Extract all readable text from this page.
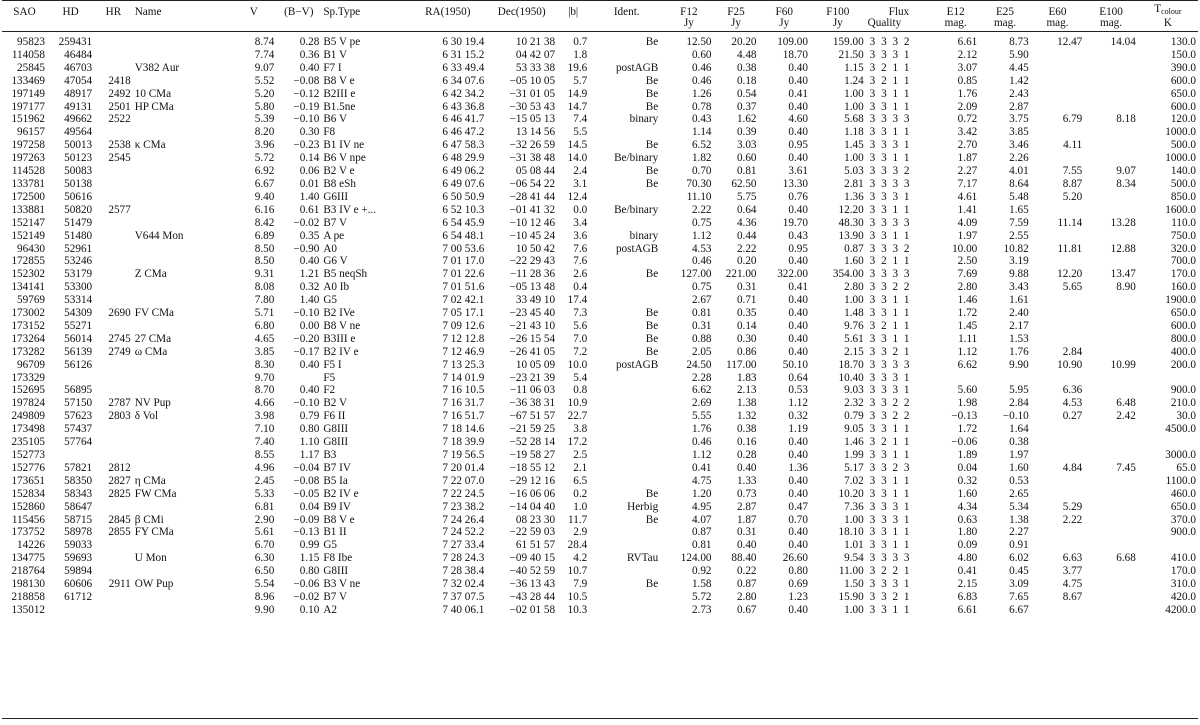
SAO	HD	HR	Name	V	(B−V)	Sp.Type	RA(1950)	Dec(1950)	|b|	Ident.	F12	F25	F60	F100	Flux	E12	E25	E60	E100	$T_{colour}$
											Jy	Jy	Jy	Jy	Quality	mag.	mag.	mag.	mag.	K
95823	259431			8.74	0.28	B5 V pe	6 30 19.4	10 21 38	0.7	Be	12.50	20.20	109.00	159.00	3 3 3 2	6.61	8.73	12.47	14.04	130.0
114058	46484			7.74	0.36	B1 V	6 31 15.2	04 42 07	1.8		0.60	4.48	18.70	21.50	3 3 3 1	2.12	5.90			150.0
25845	46703		V382 Aur	9.07	0.40	F7 I	6 33 49.4	53 33 38	19.6	postAGB	0.46	0.38	0.40	1.15	3 2 1 1	3.07	4.45			390.0
133469	47054	2418		5.52	−0.08	B8 V e	6 34 07.6	−05 10 05	5.7	Be	0.46	0.18	0.40	1.24	3 2 1 1	0.85	1.42			600.0
197149	48917	2492	10 CMa	5.20	−0.12	B2III e	6 42 34.2	−31 01 05	14.9	Be	1.26	0.54	0.41	1.00	3 3 1 1	1.76	2.43			650.0
197177	49131	2501	HP CMa	5.80	−0.19	B1.5ne	6 43 36.8	−30 53 43	14.7	Be	0.78	0.37	0.40	1.00	3 3 1 1	2.09	2.87			600.0
151962	49662	2522		5.39	−0.10	B6 V	6 46 41.7	−15 05 13	7.4	binary	0.43	1.62	4.60	5.68	3 3 3 3	0.72	3.75	6.79	8.18	120.0
96157	49564			8.20	0.30	F8	6 46 47.2	13 14 56	5.5		1.14	0.39	0.40	1.18	3 3 1 1	3.42	3.85			1000.0
197258	50013	2538	κ CMa	3.96	−0.23	B1 IV ne	6 47 58.3	−32 26 59	14.5	Be	6.52	3.03	0.95	1.45	3 3 3 1	2.70	3.46	4.11		500.0
197263	50123	2545		5.72	0.14	B6 V npe	6 48 29.9	−31 38 48	14.0	Be/binary	1.82	0.60	0.40	1.00	3 3 1 1	1.87	2.26			1000.0
114528	50083			6.92	0.06	B2 V e	6 49 06.2	05 08 44	2.4	Be	0.70	0.81	3.61	5.03	3 3 3 2	2.27	4.01	7.55	9.07	140.0
133781	50138			6.67	0.01	B8 eSh	6 49 07.6	−06 54 22	3.1	Be	70.30	62.50	13.30	2.81	3 3 3 3	7.17	8.64	8.87	8.34	500.0
172500	50616			9.40	1.40	G6III	6 50 50.9	−28 41 44	12.4		11.10	5.75	0.76	1.36	3 3 3 1	4.61	5.48	5.20		850.0
133881	50820	2577		6.16	0.61	B3 IV e +...	6 52 10.3	−01 41 32	0.0	Be/binary	2.22	0.64	0.40	12.20	3 3 1 1	1.41	1.65			1600.0
152147	51479			8.42	−0.02	B7 V	6 54 45.9	−10 12 46	3.4		0.75	4.36	19.70	48.30	3 3 3 3	4.09	7.59	11.14	13.28	110.0
152149	51480		V644 Mon	6.89	0.35	A pe	6 54 48.1	−10 45 24	3.6	binary	1.12	0.44	0.43	13.90	3 3 1 1	1.97	2.55			750.0
96430	52961			8.50	−0.90	A0	7 00 53.6	10 50 42	7.6	postAGB	4.53	2.22	0.95	0.87	3 3 3 2	10.00	10.82	11.81	12.88	320.0
172855	53246			8.50	0.40	G6 V	7 01 17.0	−22 29 43	7.6		0.46	0.20	0.40	1.60	3 2 1 1	2.50	3.19			700.0
152302	53179		Z CMa	9.31	1.21	B5 neqSh	7 01 22.6	−11 28 36	2.6	Be	127.00	221.00	322.00	354.00	3 3 3 3	7.69	9.88	12.20	13.47	170.0
134141	53300			8.08	0.32	A0 Ib	7 01 51.6	−05 13 48	0.4		0.75	0.31	0.41	2.80	3 3 2 2	2.80	3.43	5.65	8.90	160.0
59769	53314			7.80	1.40	G5	7 02 42.1	33 49 10	17.4		2.67	0.71	0.40	1.00	3 3 1 1	1.46	1.61			1900.0
173002	54309	2690	FV CMa	5.71	−0.10	B2 IVe	7 05 17.1	−23 45 40	7.3	Be	0.81	0.35	0.40	1.48	3 3 1 1	1.72	2.40			650.0
173152	55271			6.80	0.00	B8 V ne	7 09 12.6	−21 43 10	5.6	Be	0.31	0.14	0.40	9.76	3 2 1 1	1.45	2.17			600.0
173264	56014	2745	27 CMa	4.65	−0.20	B3III e	7 12 12.8	−26 15 54	7.0	Be	0.88	0.30	0.40	5.61	3 3 1 1	1.11	1.53			800.0
173282	56139	2749	ω CMa	3.85	−0.17	B2 IV e	7 12 46.9	−26 41 05	7.2	Be	2.05	0.86	0.40	2.15	3 3 2 1	1.12	1.76	2.84		400.0
96709	56126			8.30	0.40	F5 I	7 13 25.3	10 05 09	10.0	postAGB	24.50	117.00	50.10	18.70	3 3 3 3	6.62	9.90	10.90	10.99	200.0
173329				9.70		F5	7 14 01.9	−23 21 39	5.4		2.28	1.83	0.64	10.40	3 3 3 1					
152695	56895			8.70	0.40	F2	7 16 10.5	−11 06 03	0.8		6.62	2.13	0.53	9.03	3 3 3 1	5.60	5.95	6.36		900.0
197824	57150	2787	NV Pup	4.66	−0.10	B2 V	7 16 31.7	−36 38 31	10.9		2.69	1.38	1.12	2.32	3 3 2 2	1.98	2.84	4.53	6.48	210.0
249809	57623	2803	δ Vol	3.98	0.79	F6 II	7 16 51.7	−67 51 57	22.7		5.55	1.32	0.32	0.79	3 3 2 2	−0.13	−0.10	0.27	2.42	30.0
173498	57437			7.10	0.80	G8III	7 18 14.6	−21 59 25	3.8		1.76	0.38	1.19	9.05	3 3 1 1	1.72	1.64			4500.0
235105	57764			7.40	1.10	G8III	7 18 39.9	−52 28 14	17.2		0.46	0.16	0.40	1.46	3 2 1 1	−0.06	0.38			
152773				8.55	1.17	B3	7 19 56.5	−19 58 27	2.5		1.12	0.28	0.40	1.99	3 3 1 1	1.89	1.97			3000.0
152776	57821	2812		4.96	−0.04	B7 IV	7 20 01.4	−18 55 12	2.1		0.41	0.40	1.36	5.17	3 3 2 3	0.04	1.60	4.84	7.45	65.0
173651	58350	2827	η CMa	2.45	−0.08	B5 Ia	7 22 07.0	−29 12 16	6.5		4.75	1.33	0.40	7.02	3 3 1 1	0.32	0.53			1100.0
152834	58343	2825	FW CMa	5.33	−0.05	B2 IV e	7 22 24.5	−16 06 06	0.2	Be	1.20	0.73	0.40	10.20	3 3 1 1	1.60	2.65			460.0
152860	58647			6.81	0.04	B9 IV	7 23 38.2	−14 04 40	1.0	Herbig	4.95	2.87	0.47	7.36	3 3 3 1	4.34	5.34	5.29		650.0
115456	58715	2845	β CMi	2.90	−0.09	B8 V e	7 24 26.4	08 23 30	11.7	Be	4.07	1.87	0.70	1.00	3 3 3 1	0.63	1.38	2.22		370.0
173752	58978	2855	FY CMa	5.61	−0.13	B1 II	7 24 52.2	−22 59 03	2.9		0.87	0.31	0.40	18.10	3 3 1 1	1.80	2.27			900.0
14226	59033			6.70	0.99	G5	7 27 33.4	61 51 57	28.4		0.81	0.40	0.40	1.01	3 3 1 1	0.09	0.91			
134775	59693		U Mon	6.30	1.15	F8 Ibe	7 28 24.3	−09 40 15	4.2	RVTau	124.00	88.40	26.60	9.54	3 3 3 3	4.80	6.02	6.63	6.68	410.0
218764	59894			6.50	0.80	G8III	7 28 38.4	−40 52 59	10.7		0.92	0.22	0.80	11.00	3 2 2 1	0.41	0.45	3.77		170.0
198130	60606	2911	OW Pup	5.54	−0.06	B3 V ne	7 32 02.4	−36 13 43	7.9	Be	1.58	0.87	0.69	1.50	3 3 3 1	2.15	3.09	4.75		310.0
218858	61712			8.96	−0.02	B7 V	7 37 07.5	−43 28 44	10.5		5.72	2.80	1.23	15.90	3 3 2 1	6.83	7.65	8.67		420.0
135012				9.90	0.10	A2	7 40 06.1	−02 01 58	10.3		2.73	0.67	0.40	1.00	3 3 1 1	6.61	6.67			4200.0
